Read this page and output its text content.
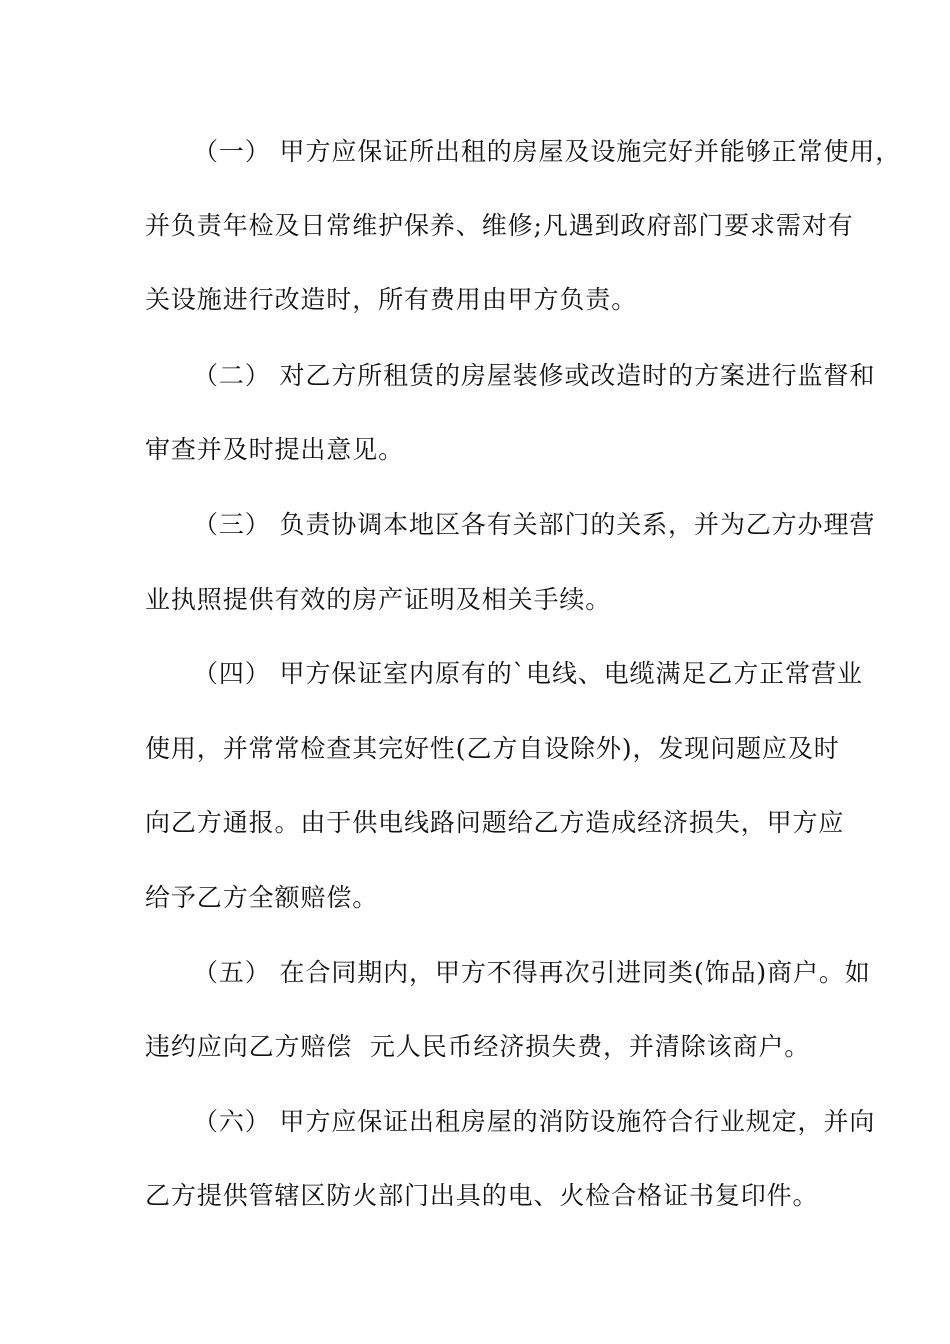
（一） 甲方应保证所出租的房屋及设施完好并能够正常使用，
并负责年检及日常维护保养、维修;凡遇到政府部门要求需对有
关设施进行改造时，所有费用由甲方负责。
（二） 对乙方所租赁的房屋装修或改造时的方案进行监督和
审查并及时提出意见。
（三） 负责协调本地区各有关部门的关系，并为乙方办理营
业执照提供有效的房产证明及相关手续。
（四） 甲方保证室内原有的`电线、电缆满足乙方正常营业
使用，并常常检查其完好性(乙方自设除外)，发现问题应及时
向乙方通报。由于供电线路问题给乙方造成经济损失，甲方应
给予乙方全额赔偿。
（五） 在合同期内，甲方不得再次引进同类(饰品)商户。如
违约应向乙方赔偿  元人民币经济损失费，并清除该商户。
（六） 甲方应保证出租房屋的消防设施符合行业规定，并向
乙方提供管辖区防火部门出具的电、火检合格证书复印件。
